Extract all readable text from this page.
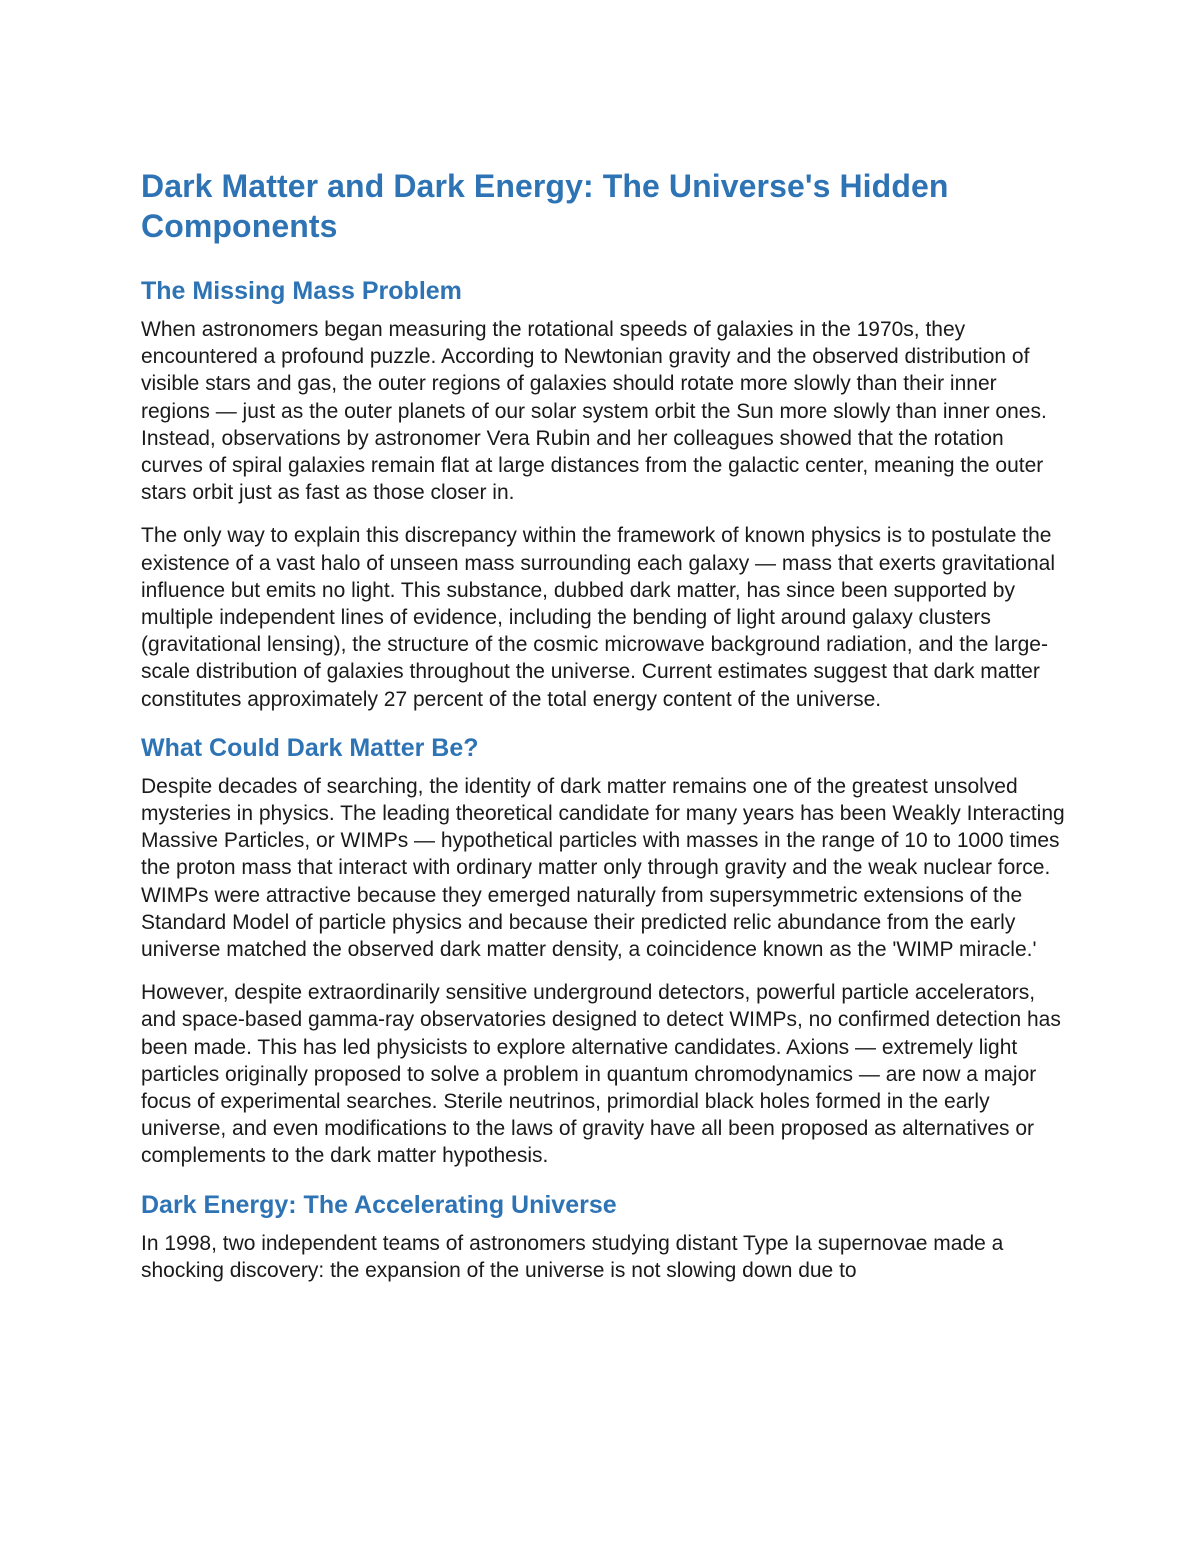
Dark Matter and Dark Energy: The Universe's Hidden Components
The Missing Mass Problem

When astronomers began measuring the rotational speeds of galaxies in the 1970s, they encountered a profound puzzle. According to Newtonian gravity and the observed distribution of visible stars and gas, the outer regions of galaxies should rotate more slowly than their inner regions — just as the outer planets of our solar system orbit the Sun more slowly than inner ones. Instead, observations by astronomer Vera Rubin and her colleagues showed that the rotation curves of spiral galaxies remain flat at large distances from the galactic center, meaning the outer stars orbit just as fast as those closer in.

The only way to explain this discrepancy within the framework of known physics is to postulate the existence of a vast halo of unseen mass surrounding each galaxy — mass that exerts gravitational influence but emits no light. This substance, dubbed dark matter, has since been supported by multiple independent lines of evidence, including the bending of light around galaxy clusters (gravitational lensing), the structure of the cosmic microwave background radiation, and the large-scale distribution of galaxies throughout the universe. Current estimates suggest that dark matter constitutes approximately 27 percent of the total energy content of the universe.

What Could Dark Matter Be?

Despite decades of searching, the identity of dark matter remains one of the greatest unsolved mysteries in physics. The leading theoretical candidate for many years has been Weakly Interacting Massive Particles, or WIMPs — hypothetical particles with masses in the range of 10 to 1000 times the proton mass that interact with ordinary matter only through gravity and the weak nuclear force. WIMPs were attractive because they emerged naturally from supersymmetric extensions of the Standard Model of particle physics and because their predicted relic abundance from the early universe matched the observed dark matter density, a coincidence known as the 'WIMP miracle.'

However, despite extraordinarily sensitive underground detectors, powerful particle accelerators, and space-based gamma-ray observatories designed to detect WIMPs, no confirmed detection has been made. This has led physicists to explore alternative candidates. Axions — extremely light particles originally proposed to solve a problem in quantum chromodynamics — are now a major focus of experimental searches. Sterile neutrinos, primordial black holes formed in the early universe, and even modifications to the laws of gravity have all been proposed as alternatives or complements to the dark matter hypothesis.

Dark Energy: The Accelerating Universe

In 1998, two independent teams of astronomers studying distant Type Ia supernovae made a shocking discovery: the expansion of the universe is not slowing down due to
